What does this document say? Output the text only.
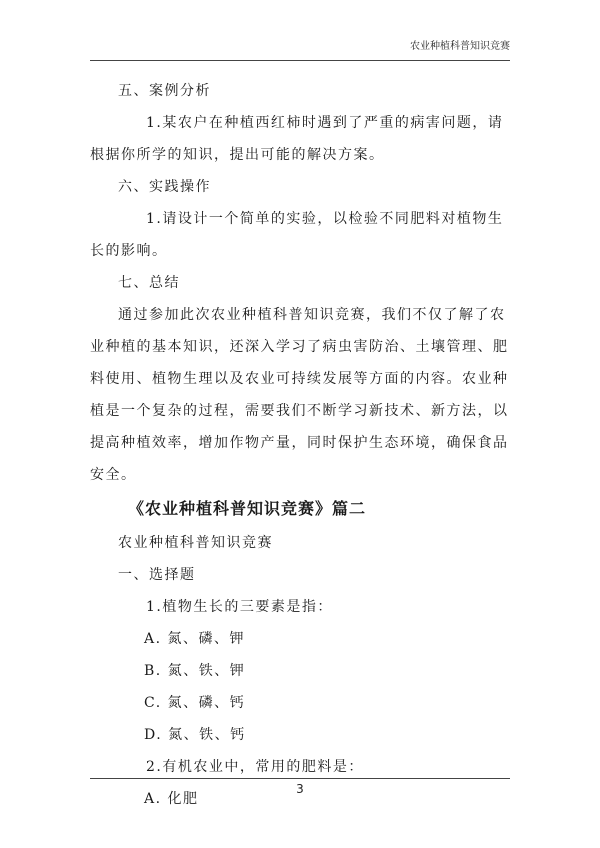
农业种植科普知识竞赛

五、案例分析

1.某农户在种植西红柿时遇到了严重的病害问题，请根据你所学的知识，提出可能的解决方案。

六、实践操作

1.请设计一个简单的实验，以检验不同肥料对植物生长的影响。

七、总结

通过参加此次农业种植科普知识竞赛，我们不仅了解了农业种植的基本知识，还深入学习了病虫害防治、土壤管理、肥料使用、植物生理以及农业可持续发展等方面的内容。农业种植是一个复杂的过程，需要我们不断学习新技术、新方法，以提高种植效率，增加作物产量，同时保护生态环境，确保食品安全。

《农业种植科普知识竞赛》篇二

农业种植科普知识竞赛

一、选择题

1.植物生长的三要素是指：

A. 氮、磷、钾

B. 氮、铁、钾

C. 氮、磷、钙

D. 氮、铁、钙

2.有机农业中，常用的肥料是：

A. 化肥

3
